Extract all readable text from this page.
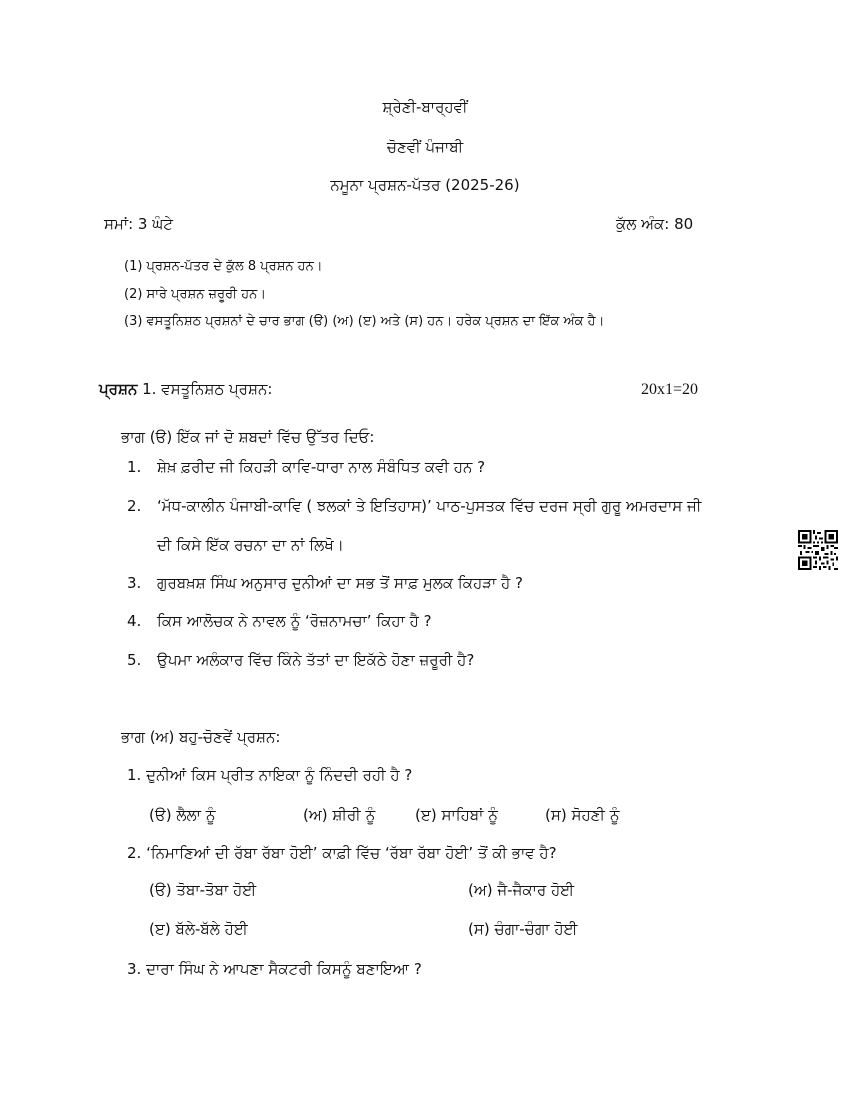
ਸ਼੍ਰੇਣੀ-ਬਾਰ੍ਹਵੀਂ
ਚੋਣਵੀਂ ਪੰਜਾਬੀ
ਨਮੂਨਾ ਪ੍ਰਸ਼ਨ-ਪੱਤਰ (2025-26)
ਸਮਾਂ: 3 ਘੰਟੇ	ਕੁੱਲ ਅੰਕ: 80
(1) ਪ੍ਰਸ਼ਨ-ਪੱਤਰ ਦੇ ਕੁੱਲ 8 ਪ੍ਰਸ਼ਨ ਹਨ।
(2) ਸਾਰੇ ਪ੍ਰਸ਼ਨ ਜ਼ਰੂਰੀ ਹਨ।
(3) ਵਸਤੂਨਿਸ਼ਠ ਪ੍ਰਸ਼ਨਾਂ ਦੇ ਚਾਰ ਭਾਗ (ੳ) (ਅ) (ੲ) ਅਤੇ (ਸ) ਹਨ। ਹਰੇਕ ਪ੍ਰਸ਼ਨ ਦਾ ਇੱਕ ਅੰਕ ਹੈ।
ਪ੍ਰਸ਼ਨ 1. ਵਸਤੂਨਿਸ਼ਠ ਪ੍ਰਸ਼ਨ:	20x1=20
ਭਾਗ (ੳ) ਇੱਕ ਜਾਂ ਦੋ ਸ਼ਬਦਾਂ ਵਿੱਚ ਉੱਤਰ ਦਿਓ:
1. ਸ਼ੇਖ਼ ਫ਼ਰੀਦ ਜੀ ਕਿਹੜੀ ਕਾਵਿ-ਧਾਰਾ ਨਾਲ ਸੰਬੰਧਿਤ ਕਵੀ ਹਨ ?
2. ‘ਮੱਧ-ਕਾਲੀਨ ਪੰਜਾਬੀ-ਕਾਵਿ ( ਝਲਕਾਂ ਤੇ ਇਤਿਹਾਸ)’ ਪਾਠ-ਪੁਸਤਕ ਵਿੱਚ ਦਰਜ ਸ੍ਰੀ ਗੁਰੂ ਅਮਰਦਾਸ ਜੀ
ਦੀ ਕਿਸੇ ਇੱਕ ਰਚਨਾ ਦਾ ਨਾਂ ਲਿਖੋ।
3. ਗੁਰਬਖ਼ਸ਼ ਸਿੰਘ ਅਨੁਸਾਰ ਦੁਨੀਆਂ ਦਾ ਸਭ ਤੋਂ ਸਾਫ਼ ਮੁਲਕ ਕਿਹੜਾ ਹੈ ?
4. ਕਿਸ ਆਲੋਚਕ ਨੇ ਨਾਵਲ ਨੂੰ ‘ਰੋਜ਼ਨਾਮਚਾ’ ਕਿਹਾ ਹੈ ?
5. ਉਪਮਾ ਅਲੰਕਾਰ ਵਿੱਚ ਕਿੰਨੇ ਤੱਤਾਂ ਦਾ ਇਕੱਠੇ ਹੋਣਾ ਜ਼ਰੂਰੀ ਹੈ?
ਭਾਗ (ਅ) ਬਹੁ-ਚੋਣਵੇਂ ਪ੍ਰਸ਼ਨ:
1. ਦੁਨੀਆਂ ਕਿਸ ਪ੍ਰੀਤ ਨਾਇਕਾ ਨੂੰ ਨਿੰਦਦੀ ਰਹੀ ਹੈ ?
(ੳ) ਲੈਲਾ ਨੂੰ	(ਅ) ਸ਼ੀਰੀ ਨੂੰ	(ੲ) ਸਾਹਿਬਾਂ ਨੂੰ	(ਸ) ਸੋਹਣੀ ਨੂੰ
2. ‘ਨਿਮਾਣਿਆਂ ਦੀ ਰੱਬਾ ਰੱਬਾ ਹੋਈ’ ਕਾਫ਼ੀ ਵਿੱਚ ‘ਰੱਬਾ ਰੱਬਾ ਹੋਈ’ ਤੋਂ ਕੀ ਭਾਵ ਹੈ?
(ੳ) ਤੋਬਾ-ਤੋਬਾ ਹੋਈ	(ਅ) ਜੈ-ਜੈਕਾਰ ਹੋਈ
(ੲ) ਬੱਲੇ-ਬੱਲੇ ਹੋਈ	(ਸ) ਚੰਗਾ-ਚੰਗਾ ਹੋਈ
3. ਦਾਰਾ ਸਿੰਘ ਨੇ ਆਪਣਾ ਸੈਕਟਰੀ ਕਿਸਨੂੰ ਬਣਾਇਆ ?
